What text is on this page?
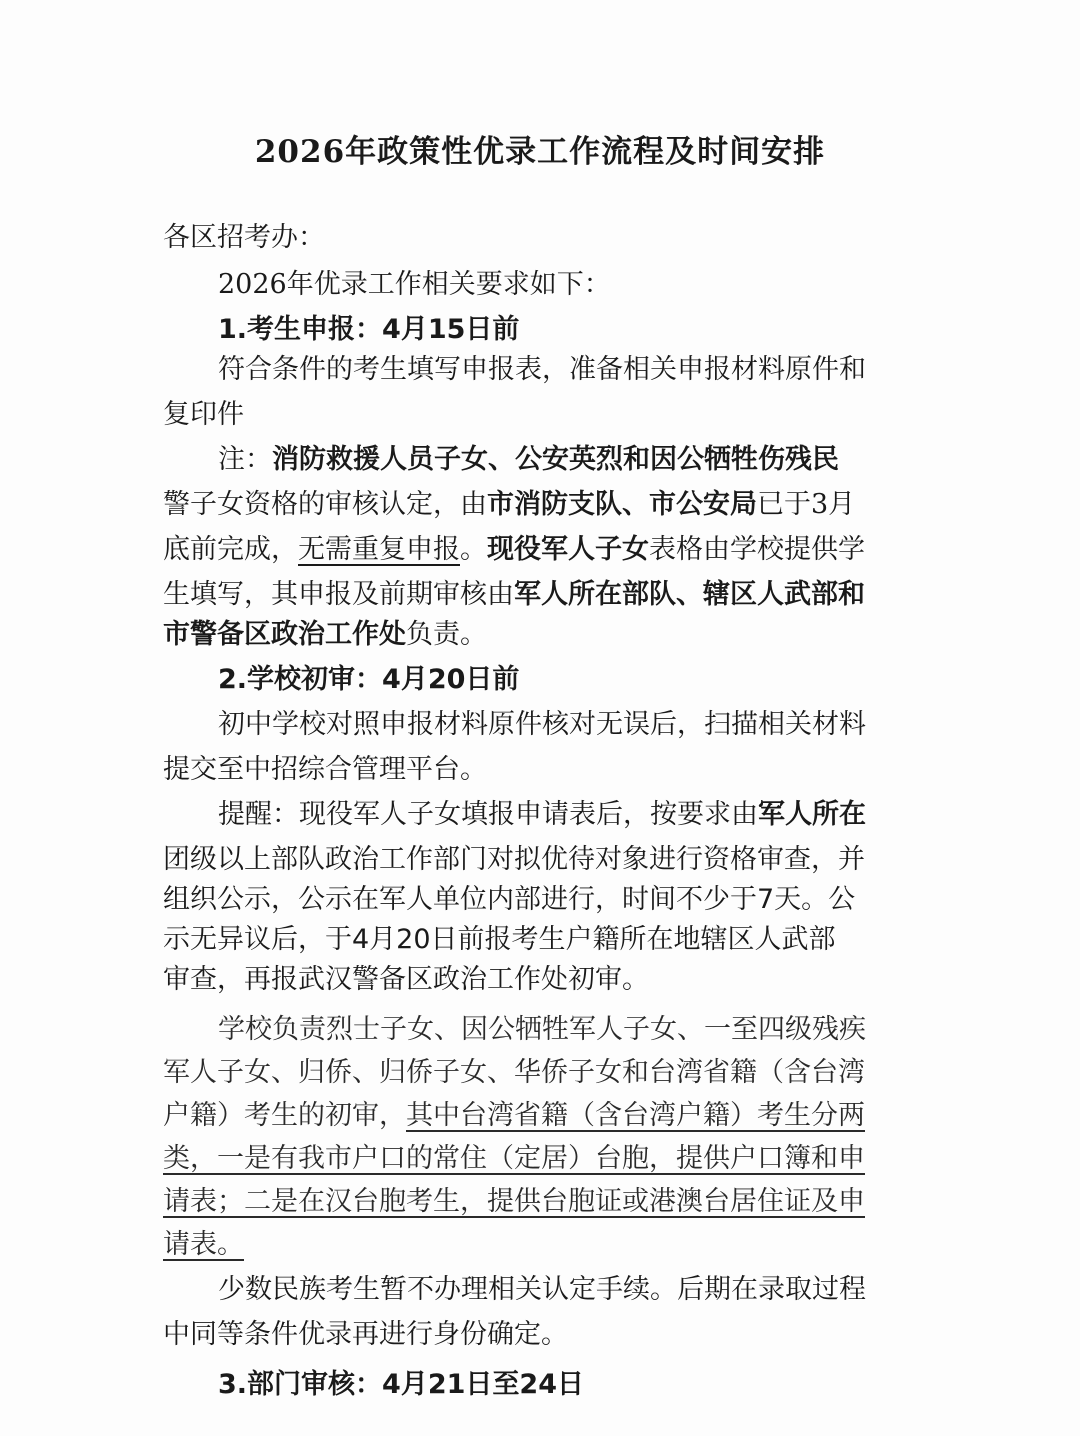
2026年政策性优录工作流程及时间安排
各区招考办：
2026年优录工作相关要求如下：
1.考生申报：4月15日前
符合条件的考生填写申报表，准备相关申报材料原件和
复印件
注：消防救援人员子女、公安英烈和因公牺牲伤残民
警子女资格的审核认定，由市消防支队、市公安局已于3月
底前完成，无需重复申报。现役军人子女表格由学校提供学
生填写，其申报及前期审核由军人所在部队、辖区人武部和
市警备区政治工作处负责。
2.学校初审：4月20日前
初中学校对照申报材料原件核对无误后，扫描相关材料
提交至中招综合管理平台。
提醒：现役军人子女填报申请表后，按要求由军人所在
团级以上部队政治工作部门对拟优待对象进行资格审查，并
组织公示，公示在军人单位内部进行，时间不少于7天。公
示无异议后，于4月20日前报考生户籍所在地辖区人武部
审查，再报武汉警备区政治工作处初审。
学校负责烈士子女、因公牺牲军人子女、一至四级残疾
军人子女、归侨、归侨子女、华侨子女和台湾省籍（含台湾
户籍）考生的初审，其中台湾省籍（含台湾户籍）考生分两
类，一是有我市户口的常住（定居）台胞，提供户口簿和申
请表；二是在汉台胞考生，提供台胞证或港澳台居住证及申
请表。
少数民族考生暂不办理相关认定手续。后期在录取过程
中同等条件优录再进行身份确定。
3.部门审核：4月21日至24日
